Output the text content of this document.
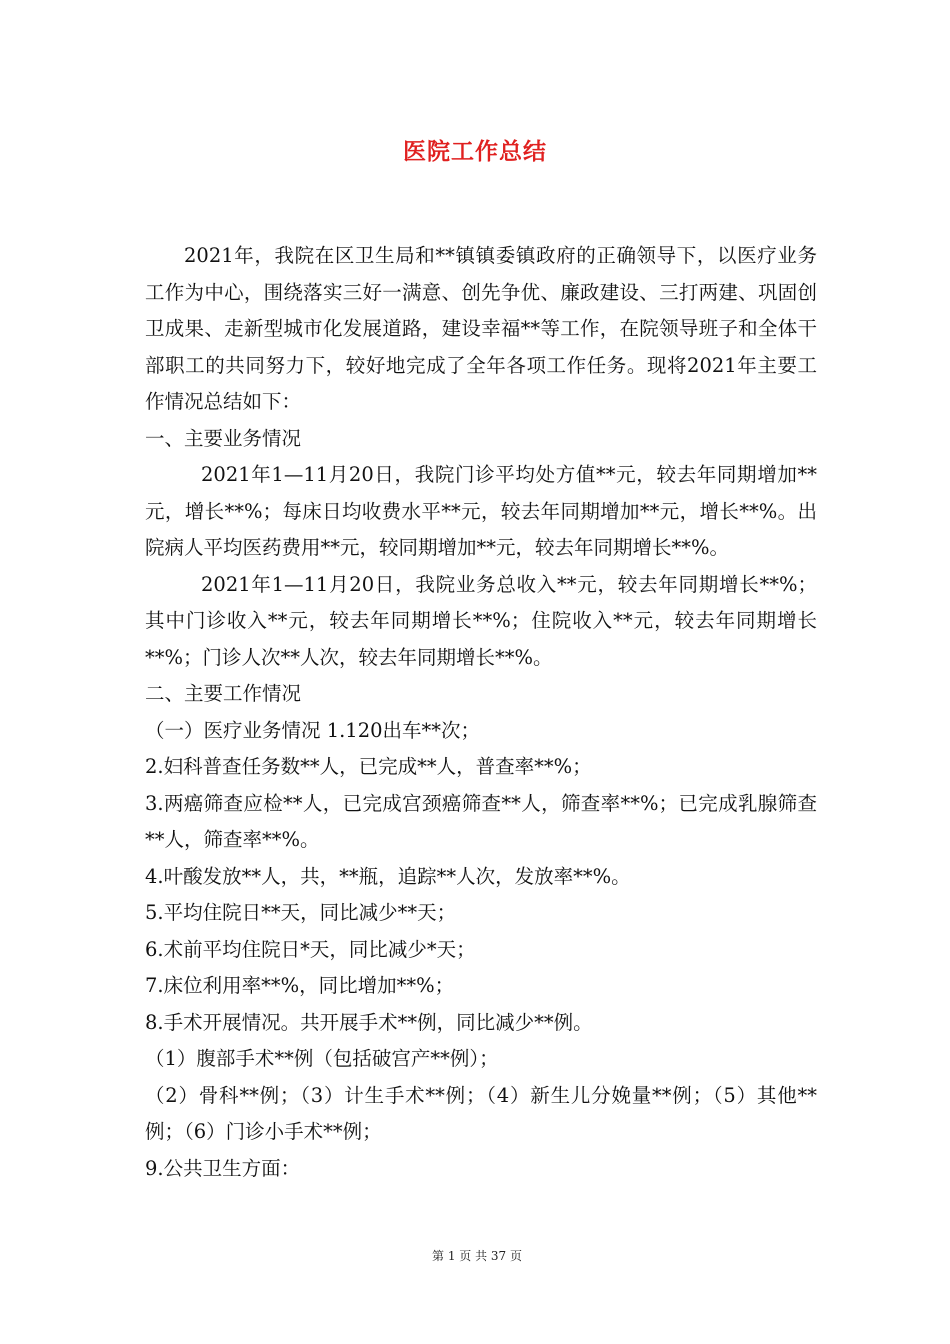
医院工作总结

2021年，我院在区卫生局和**镇镇委镇政府的正确领导下，以医疗业务工作为中心，围绕落实三好一满意、创先争优、廉政建设、三打两建、巩固创卫成果、走新型城市化发展道路，建设幸福**等工作，在院领导班子和全体干部职工的共同努力下，较好地完成了全年各项工作任务。现将2021年主要工作情况总结如下：

一、主要业务情况

2021年1—11月20日，我院门诊平均处方值**元，较去年同期增加**元，增长**%；每床日均收费水平**元，较去年同期增加**元，增长**%。出院病人平均医药费用**元，较同期增加**元，较去年同期增长**%。

2021年1—11月20日，我院业务总收入**元，较去年同期增长**%；其中门诊收入**元，较去年同期增长**%；住院收入**元，较去年同期增长**%；门诊人次**人次，较去年同期增长**%。

二、主要工作情况

（一）医疗业务情况 1.120出车**次；

2.妇科普查任务数**人，已完成**人，普查率**%；

3.两癌筛查应检**人，已完成宫颈癌筛查**人，筛查率**%；已完成乳腺筛查**人，筛查率**%。

4.叶酸发放**人，共，**瓶，追踪**人次，发放率**%。

5.平均住院日**天，同比减少**天；

6.术前平均住院日*天，同比减少*天；

7.床位利用率**%，同比增加**%；

8.手术开展情况。共开展手术**例，同比减少**例。

（1）腹部手术**例（包括破宫产**例）；

（2）骨科**例；（3）计生手术**例；（4）新生儿分娩量**例；（5）其他**例；（6）门诊小手术**例；

9.公共卫生方面：

第 1 页 共 37 页
